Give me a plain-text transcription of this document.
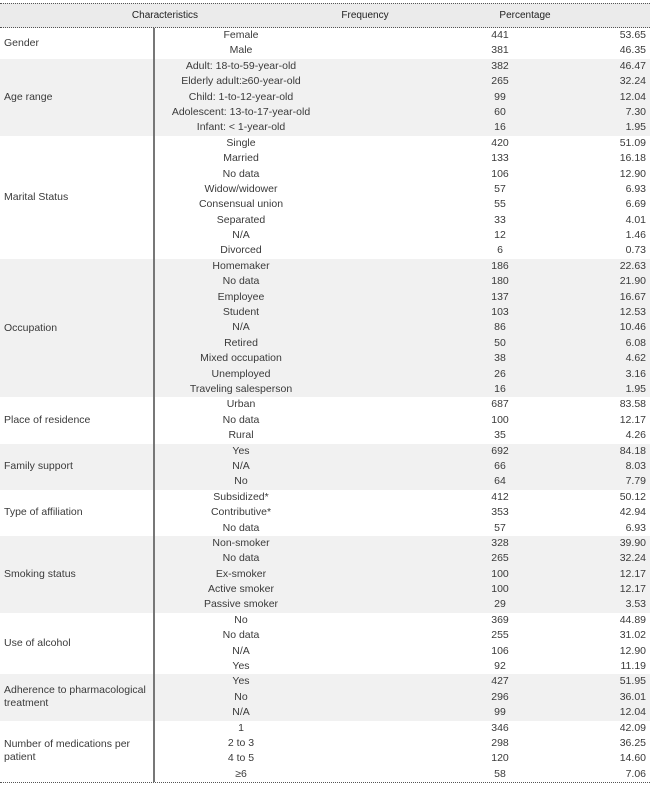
Characteristics	Frequency	Percentage
Gender
Female	441	53.65
Male	381	46.35
Age range
Adult: 18-to-59-year-old	382	46.47
Elderly adult:≥60-year-old	265	32.24
Child: 1-to-12-year-old	99	12.04
Adolescent: 13-to-17-year-old	60	7.30
Infant: < 1-year-old	16	1.95
Marital Status
Single	420	51.09
Married	133	16.18
No data	106	12.90
Widow/widower	57	6.93
Consensual union	55	6.69
Separated	33	4.01
N/A	12	1.46
Divorced	6	0.73
Occupation
Homemaker	186	22.63
No data	180	21.90
Employee	137	16.67
Student	103	12.53
N/A	86	10.46
Retired	50	6.08
Mixed occupation	38	4.62
Unemployed	26	3.16
Traveling salesperson	16	1.95
Place of residence
Urban	687	83.58
No data	100	12.17
Rural	35	4.26
Family support
Yes	692	84.18
N/A	66	8.03
No	64	7.79
Type of affiliation
Subsidized*	412	50.12
Contributive*	353	42.94
No data	57	6.93
Smoking status
Non-smoker	328	39.90
No data	265	32.24
Ex-smoker	100	12.17
Active smoker	100	12.17
Passive smoker	29	3.53
Use of alcohol
No	369	44.89
No data	255	31.02
N/A	106	12.90
Yes	92	11.19
Adherence to pharmacological treatment
Yes	427	51.95
No	296	36.01
N/A	99	12.04
Number of medications per patient
1	346	42.09
2 to 3	298	36.25
4 to 5	120	14.60
≥6	58	7.06
